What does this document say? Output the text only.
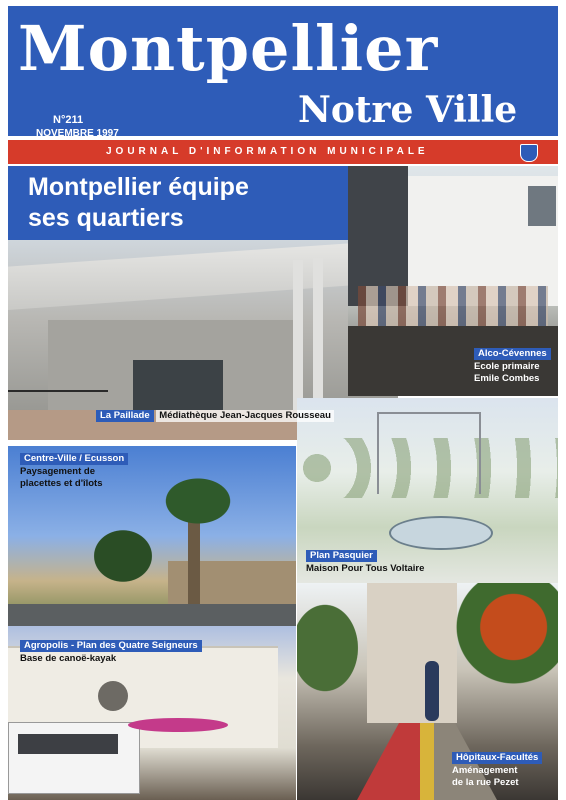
Montpellier
Notre Ville
N°211
NOVEMBRE 1997
JOURNAL D'INFORMATION MUNICIPALE
Montpellier équipe
ses quartiers
La Paillade Médiathèque Jean-Jacques Rousseau
Alco-Cévennes
Ecole primaire
Emile Combes
Centre-Ville / Ecusson
Paysagement de
placettes et d'îlots
Plan Pasquier
Maison Pour Tous Voltaire
Agropolis - Plan des Quatre Seigneurs
Base de canoë-kayak
Hôpitaux-Facultés
Aménagement
de la rue Pezet
